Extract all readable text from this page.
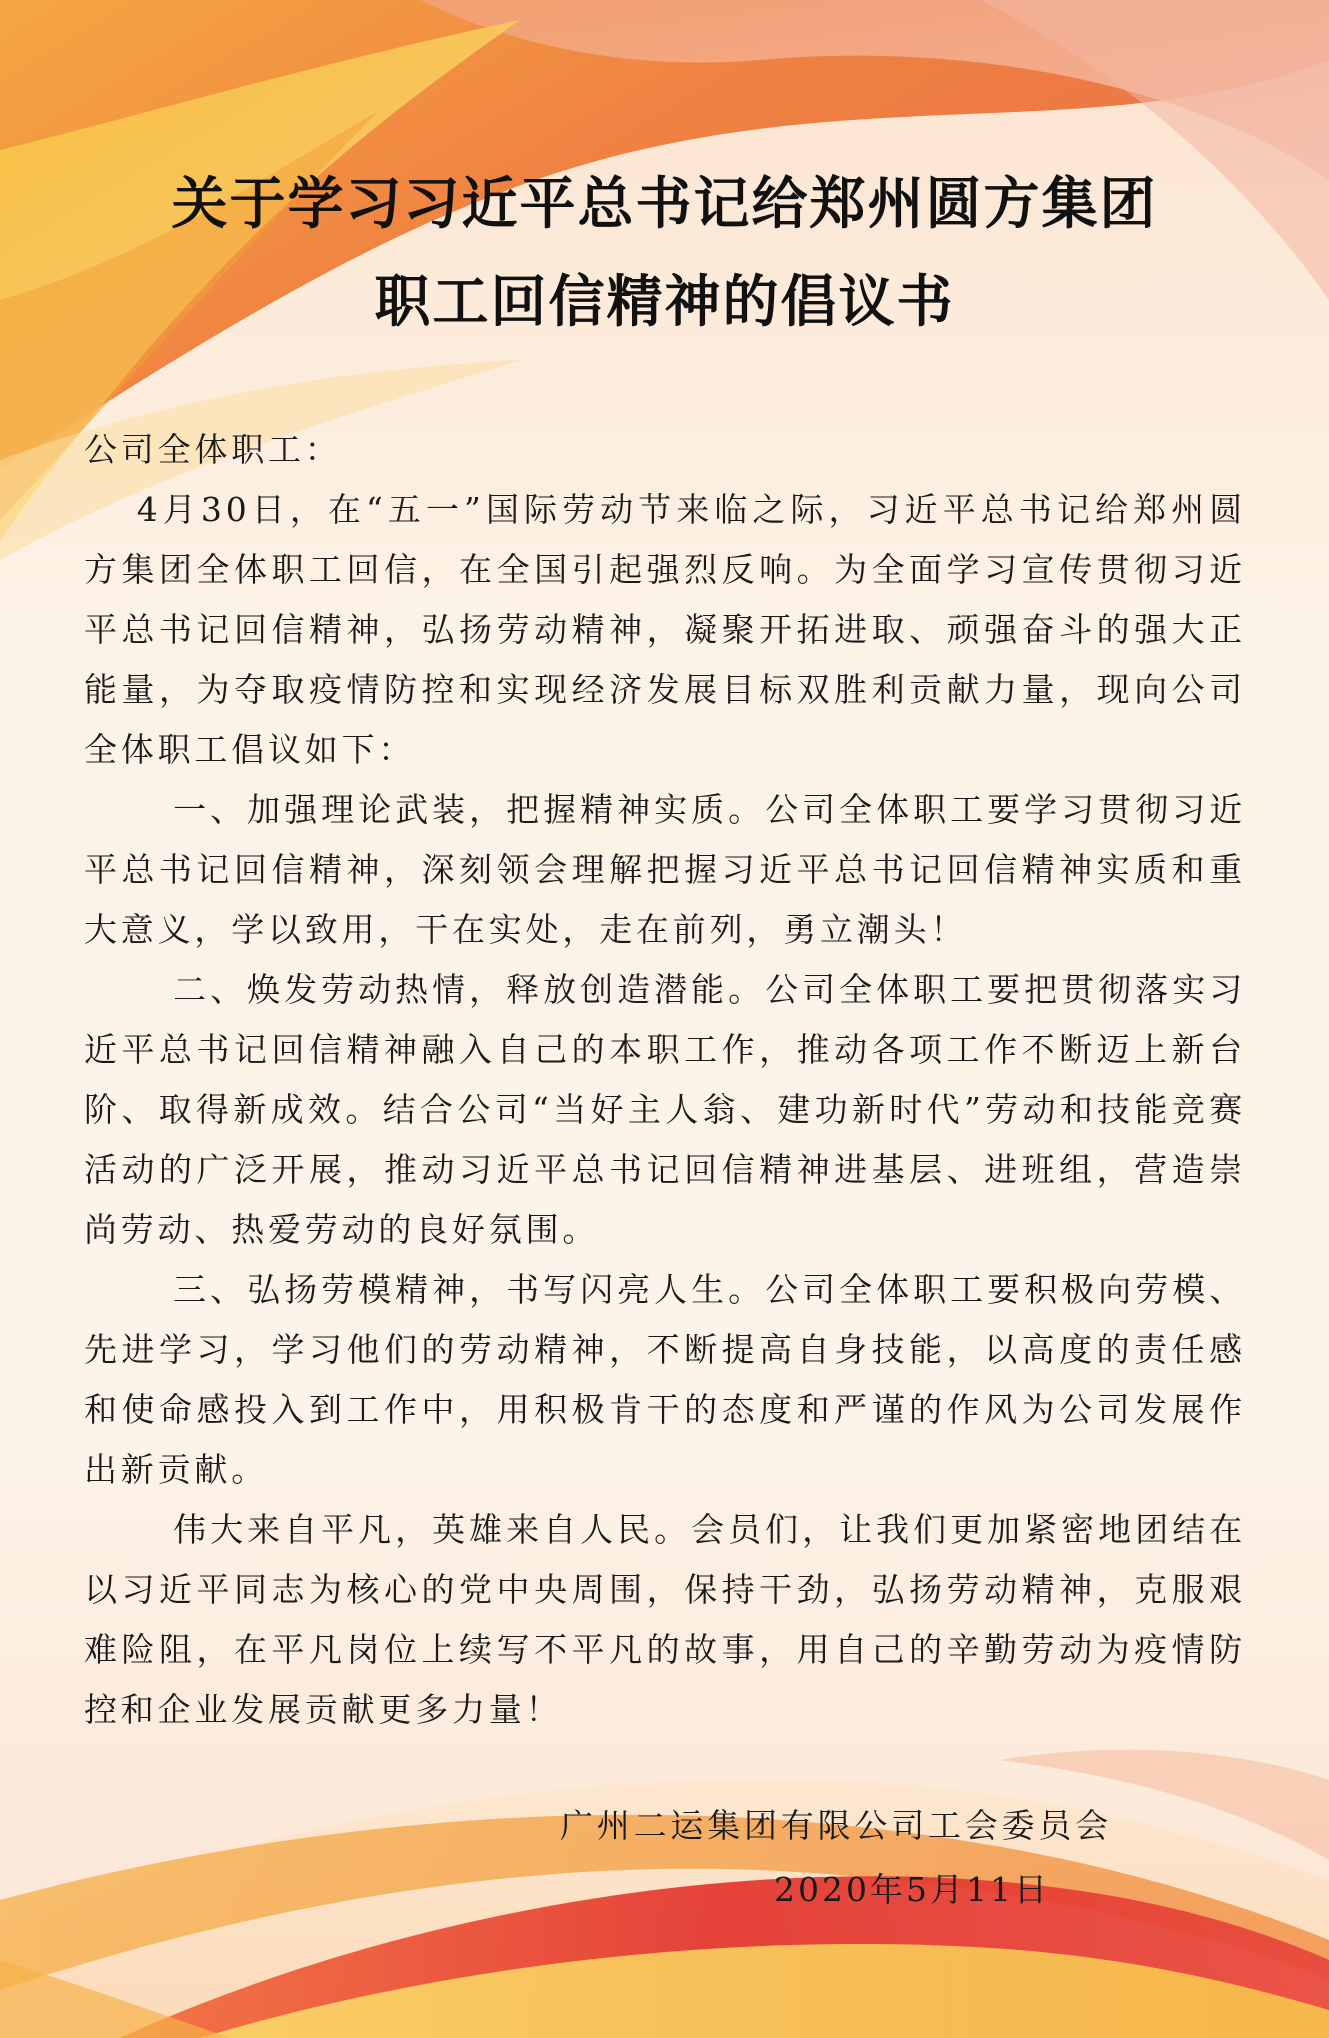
关于学习习近平总书记给郑州圆方集团
职工回信精神的倡议书

公司全体职工：

4月30日，在“五一”国际劳动节来临之际，习近平总书记给郑州圆方集团全体职工回信，在全国引起强烈反响。为全面学习宣传贯彻习近平总书记回信精神，弘扬劳动精神，凝聚开拓进取、顽强奋斗的强大正能量，为夺取疫情防控和实现经济发展目标双胜利贡献力量，现向公司全体职工倡议如下：

一、加强理论武装，把握精神实质。公司全体职工要学习贯彻习近平总书记回信精神，深刻领会理解把握习近平总书记回信精神实质和重大意义，学以致用，干在实处，走在前列，勇立潮头！

二、焕发劳动热情，释放创造潜能。公司全体职工要把贯彻落实习近平总书记回信精神融入自己的本职工作，推动各项工作不断迈上新台阶、取得新成效。结合公司“当好主人翁、建功新时代”劳动和技能竞赛活动的广泛开展，推动习近平总书记回信精神进基层、进班组，营造崇尚劳动、热爱劳动的良好氛围。

三、弘扬劳模精神，书写闪亮人生。公司全体职工要积极向劳模、先进学习，学习他们的劳动精神，不断提高自身技能，以高度的责任感和使命感投入到工作中，用积极肯干的态度和严谨的作风为公司发展作出新贡献。

伟大来自平凡，英雄来自人民。会员们，让我们更加紧密地团结在以习近平同志为核心的党中央周围，保持干劲，弘扬劳动精神，克服艰难险阻，在平凡岗位上续写不平凡的故事，用自己的辛勤劳动为疫情防控和企业发展贡献更多力量！

广州二运集团有限公司工会委员会
2020年5月11日
